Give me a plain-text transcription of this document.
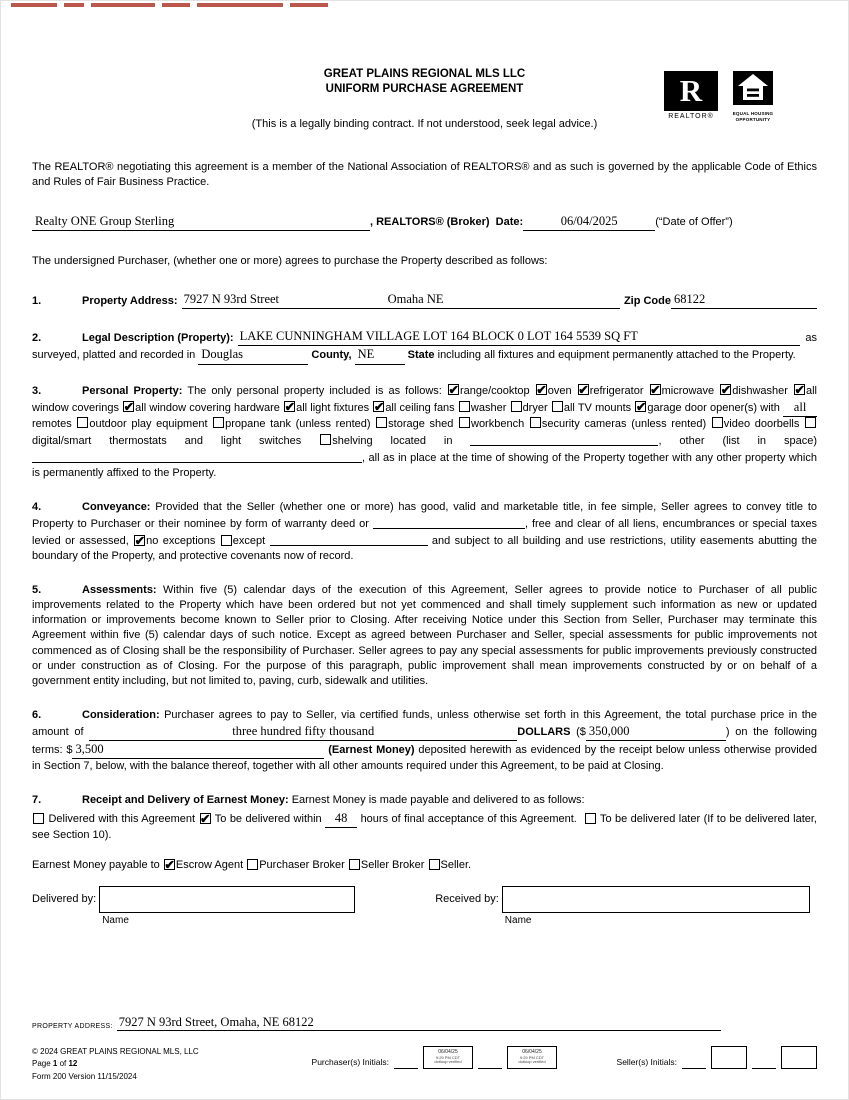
GREAT PLAINS REGIONAL MLS LLC
UNIFORM PURCHASE AGREEMENT
(This is a legally binding contract. If not understood, seek legal advice.)
R
REALTOR®	EQUAL HOUSING OPPORTUNITY

The REALTOR® negotiating this agreement is a member of the National Association of REALTORS® and as such is governed by the applicable Code of Ethics and Rules of Fair Business Practice.

Realty ONE Group Sterling	, REALTORS® (Broker) Date:	06/04/2025	(“Date of Offer”)

The undersigned Purchaser, (whether one or more) agrees to purchase the Property described as follows:

1.	Property Address: 7927 N 93rd Street	Omaha NE	Zip Code 68122
2.	Legal Description (Property): LAKE CUNNINGHAM VILLAGE LOT 164 BLOCK 0 LOT 164 5539 SQ FT	as

surveyed, platted and recorded in Douglas	County, NE	State including all fixtures and equipment permanently attached to the Property.

3.	Personal Property: The only personal property included is as follows: ✔ range/cooktop ✔ oven ✔ refrigerator ✔ microwave ✔ dishwasher ✔ all window coverings ✔ all window covering hardware ✔ all light fixtures ✔ all ceiling fans washer dryer all TV mounts ✔ garage door opener(s) with all remotes outdoor play equipment propane tank (unless rented) storage shed workbench security cameras (unless rented) video doorbells digital/smart thermostats and light switches	shelving located in	, other (list in space) , all as in place at the time of showing of the Property together with any other property which is permanently affixed to the Property.

4.	Conveyance: Provided that the Seller (whether one or more) has good, valid and marketable title, in fee simple, Seller agrees to convey title to Property to Purchaser or their nominee by form of warranty deed or	, free and clear of all liens, encumbrances or special taxes levied or assessed, ✔ no exceptions except	and subject to all building and use restrictions, utility easements abutting the boundary of the Property, and protective covenants now of record.

5.	Assessments: Within five (5) calendar days of the execution of this Agreement, Seller agrees to provide notice to Purchaser of all public improvements related to the Property which have been ordered but not yet commenced and shall timely supplement such information as new or updated information or improvements become known to Seller prior to Closing. After receiving Notice under this Section from Seller, Purchaser may terminate this Agreement within five (5) calendar days of such notice. Except as agreed between Purchaser and Seller, special assessments for public improvements not commenced as of Closing shall be the responsibility of Purchaser. Seller agrees to pay any special assessments for public improvements previously constructed or under construction as of Closing. For the purpose of this paragraph, public improvement shall mean improvements constructed by or on behalf of a government entity including, but not limited to, paving, curb, sidewalk and utilities.

6.	Consideration: Purchaser agrees to pay to Seller, via certified funds, unless otherwise set forth in this Agreement, the total purchase price in the amount of	three hundred fifty thousand	DOLLARS ($ 350,000	) on the following terms: $ 3,500	(Earnest Money) deposited herewith as evidenced by the receipt below unless otherwise provided in Section 7, below, with the balance thereof, together with all other amounts required under this Agreement, to be paid at Closing.

7.	Receipt and Delivery of Earnest Money: Earnest Money is made payable and delivered to as follows:

Delivered with this Agreement ✔ To be delivered within 48 hours of final acceptance of this Agreement. To be delivered later (If to be delivered later, see Section 10).

Earnest Money payable to ✔ Escrow Agent Purchaser Broker Seller Broker Seller.

Delivered by:
Name
Received by:
Name
PROPERTY ADDRESS: 7927 N 93rd Street, Omaha, NE 68122
© 2024 GREAT PLAINS REGIONAL MLS, LLC
Page 1 of 12
Form 200 Version 11/15/2024
Purchaser(s) Initials:
06/04/25
9:29 PM CDT
dotloop verified
06/04/25
9:29 PM CDT
dotloop verified	Seller(s) Initials:
